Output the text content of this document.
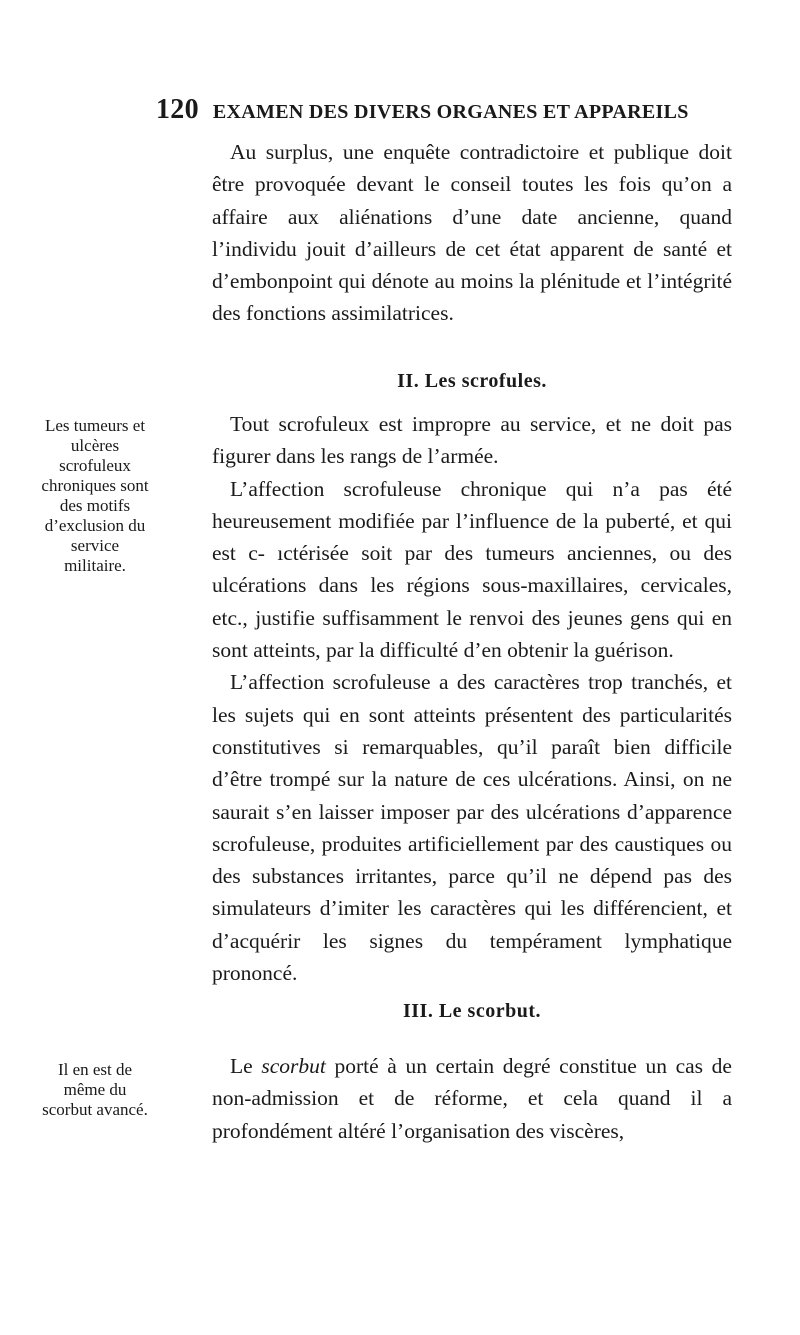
120 EXAMEN DES DIVERS ORGANES ET APPAREILS

Au surplus, une enquête contradictoire et publique doit être provoquée devant le conseil toutes les fois qu’on a affaire aux aliénations d’une date ancienne, quand l’individu jouit d’ailleurs de cet état apparent de santé et d’embonpoint qui dénote au moins la plénitude et l’intégrité des fonctions assimilatrices.

II. Les scrofules.
Les tumeurs et ulcères scrofuleux chroniques sont des motifs d’exclusion du service militaire.

Tout scrofuleux est impropre au service, et ne doit pas figurer dans les rangs de l’armée.

L’affection scrofuleuse chronique qui n’a pas été heureusement modifiée par l’influence de la puberté, et qui est c‑ ıctérisée soit par des tumeurs anciennes, ou des ulcérations dans les régions sous-maxillaires, cervicales, etc., justifie suffisamment le renvoi des jeunes gens qui en sont atteints, par la difficulté d’en obtenir la guérison.

L’affection scrofuleuse a des caractères trop tranchés, et les sujets qui en sont atteints présentent des particularités constitutives si remarquables, qu’il paraît bien difficile d’être trompé sur la nature de ces ulcérations. Ainsi, on ne saurait s’en laisser imposer par des ulcérations d’apparence scrofuleuse, produites artificiellement par des caustiques ou des substances irritantes, parce qu’il ne dépend pas des simulateurs d’imiter les caractères qui les différencient, et d’acquérir les signes du tempérament lymphatique prononcé.

III. Le scorbut.
Il en est de même du scorbut avancé.

Le scorbut porté à un certain degré constitue un cas de non-admission et de réforme, et cela quand il a profondément altéré l’organisation des viscères,
